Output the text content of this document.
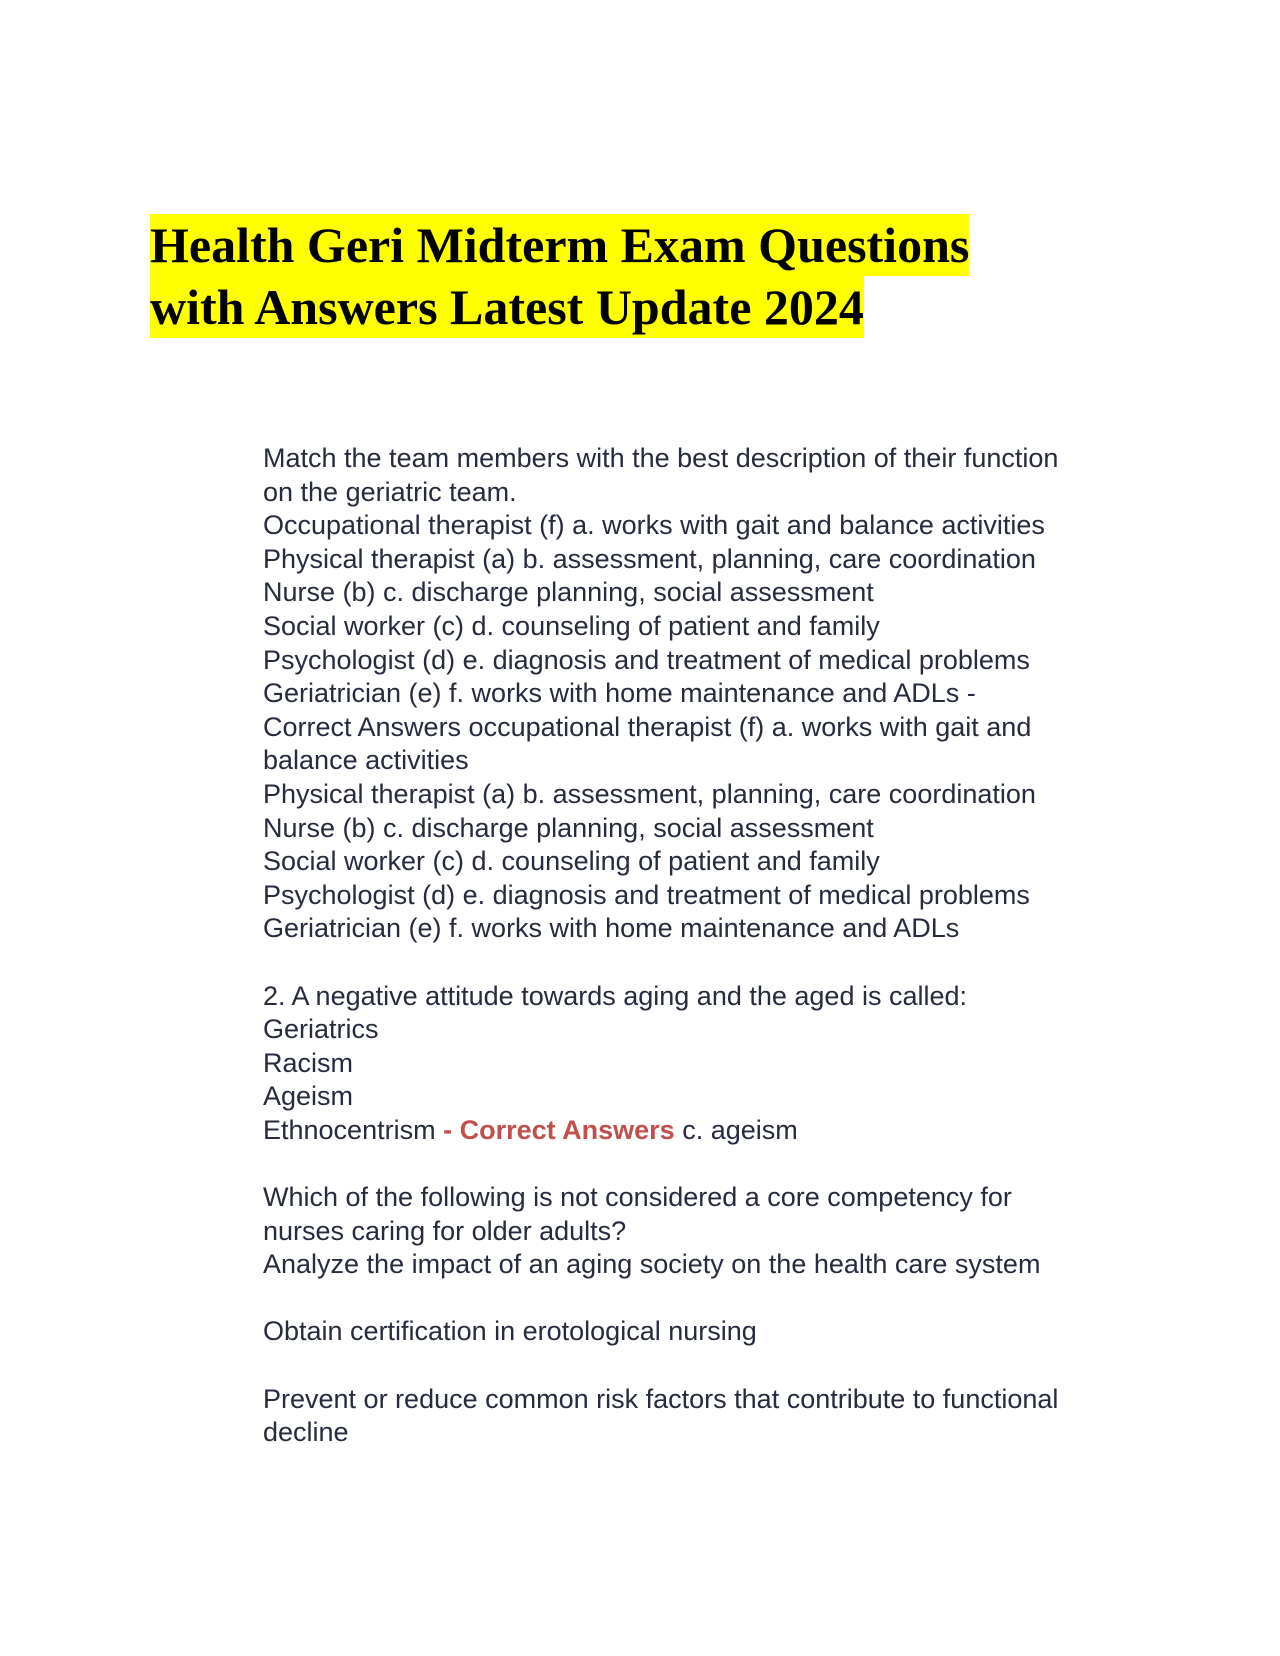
Health Geri Midterm Exam Questions
with Answers Latest Update 2024
Match the team members with the best description of their function
on the geriatric team.
Occupational therapist (f) a. works with gait and balance activities
Physical therapist (a) b. assessment, planning, care coordination
Nurse (b) c. discharge planning, social assessment
Social worker (c) d. counseling of patient and family
Psychologist (d) e. diagnosis and treatment of medical problems
Geriatrician (e) f. works with home maintenance and ADLs -
Correct Answers occupational therapist (f) a. works with gait and
balance activities
Physical therapist (a) b. assessment, planning, care coordination
Nurse (b) c. discharge planning, social assessment
Social worker (c) d. counseling of patient and family
Psychologist (d) e. diagnosis and treatment of medical problems
Geriatrician (e) f. works with home maintenance and ADLs
2. A negative attitude towards aging and the aged is called:
Geriatrics
Racism
Ageism
Ethnocentrism - Correct Answers c. ageism
Which of the following is not considered a core competency for
nurses caring for older adults?
Analyze the impact of an aging society on the health care system
Obtain certification in erotological nursing
Prevent or reduce common risk factors that contribute to functional
decline
